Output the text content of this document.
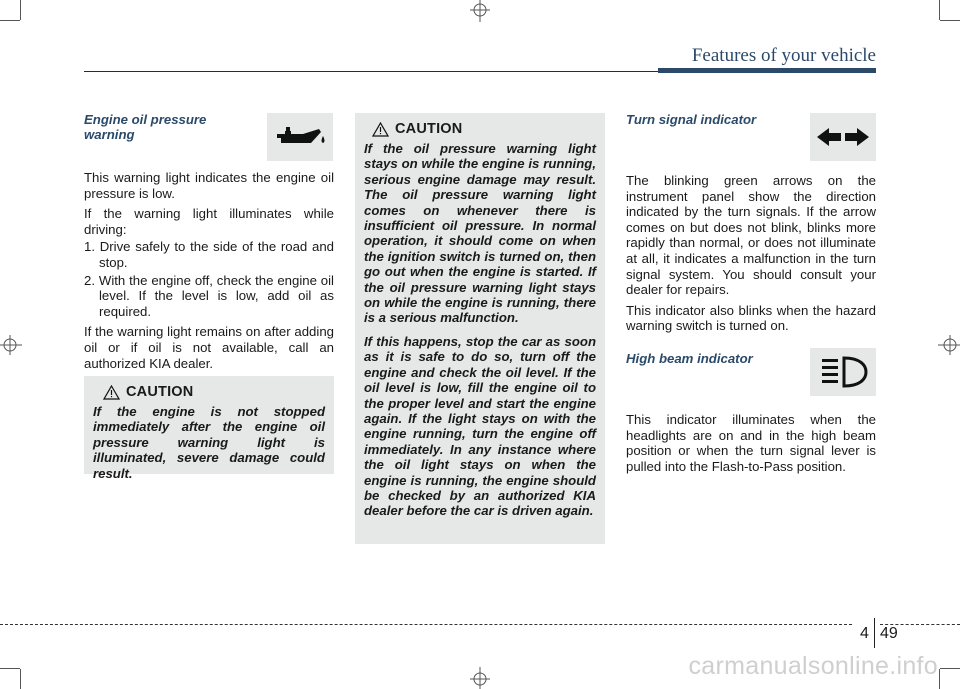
Features of your vehicle
Engine oil pressure warning

This warning light indicates the engine oil pressure is low.

If the warning light illuminates while driving:

1. Drive safely to the side of the road and stop.
2. With the engine off, check the engine oil level. If the level is low, add oil as required.

If the warning light remains on after adding oil or if oil is not available, call an authorized KIA dealer.

CAUTION

If the engine is not stopped immediately after the engine oil pressure warning light is illuminated, severe damage could result.

CAUTION

If the oil pressure warning light stays on while the engine is running, serious engine damage may result. The oil pressure warning light comes on whenever there is insufficient oil pressure. In normal operation, it should come on when the ignition switch is turned on, then go out when the engine is started. If the oil pressure warning light stays on while the engine is running, there is a serious malfunction.

If this happens, stop the car as soon as it is safe to do so, turn off the engine and check the oil level. If the oil level is low, fill the engine oil to the proper level and start the engine again. If the light stays on with the engine running, turn the engine off immediately. In any instance where the oil light stays on when the engine is running, the engine should be checked by an authorized KIA dealer before the car is driven again.

Turn signal indicator

The blinking green arrows on the instrument panel show the direction indicated by the turn signals. If the arrow comes on but does not blink, blinks more rapidly than normal, or does not illuminate at all, it indicates a malfunction in the turn signal system. You should consult your dealer for repairs.

This indicator also blinks when the hazard warning switch is turned on.

High beam indicator

This indicator illuminates when the headlights are on and in the high beam position or when the turn signal lever is pulled into the Flash-to-Pass position.

4 49
carmanualsonline.info
